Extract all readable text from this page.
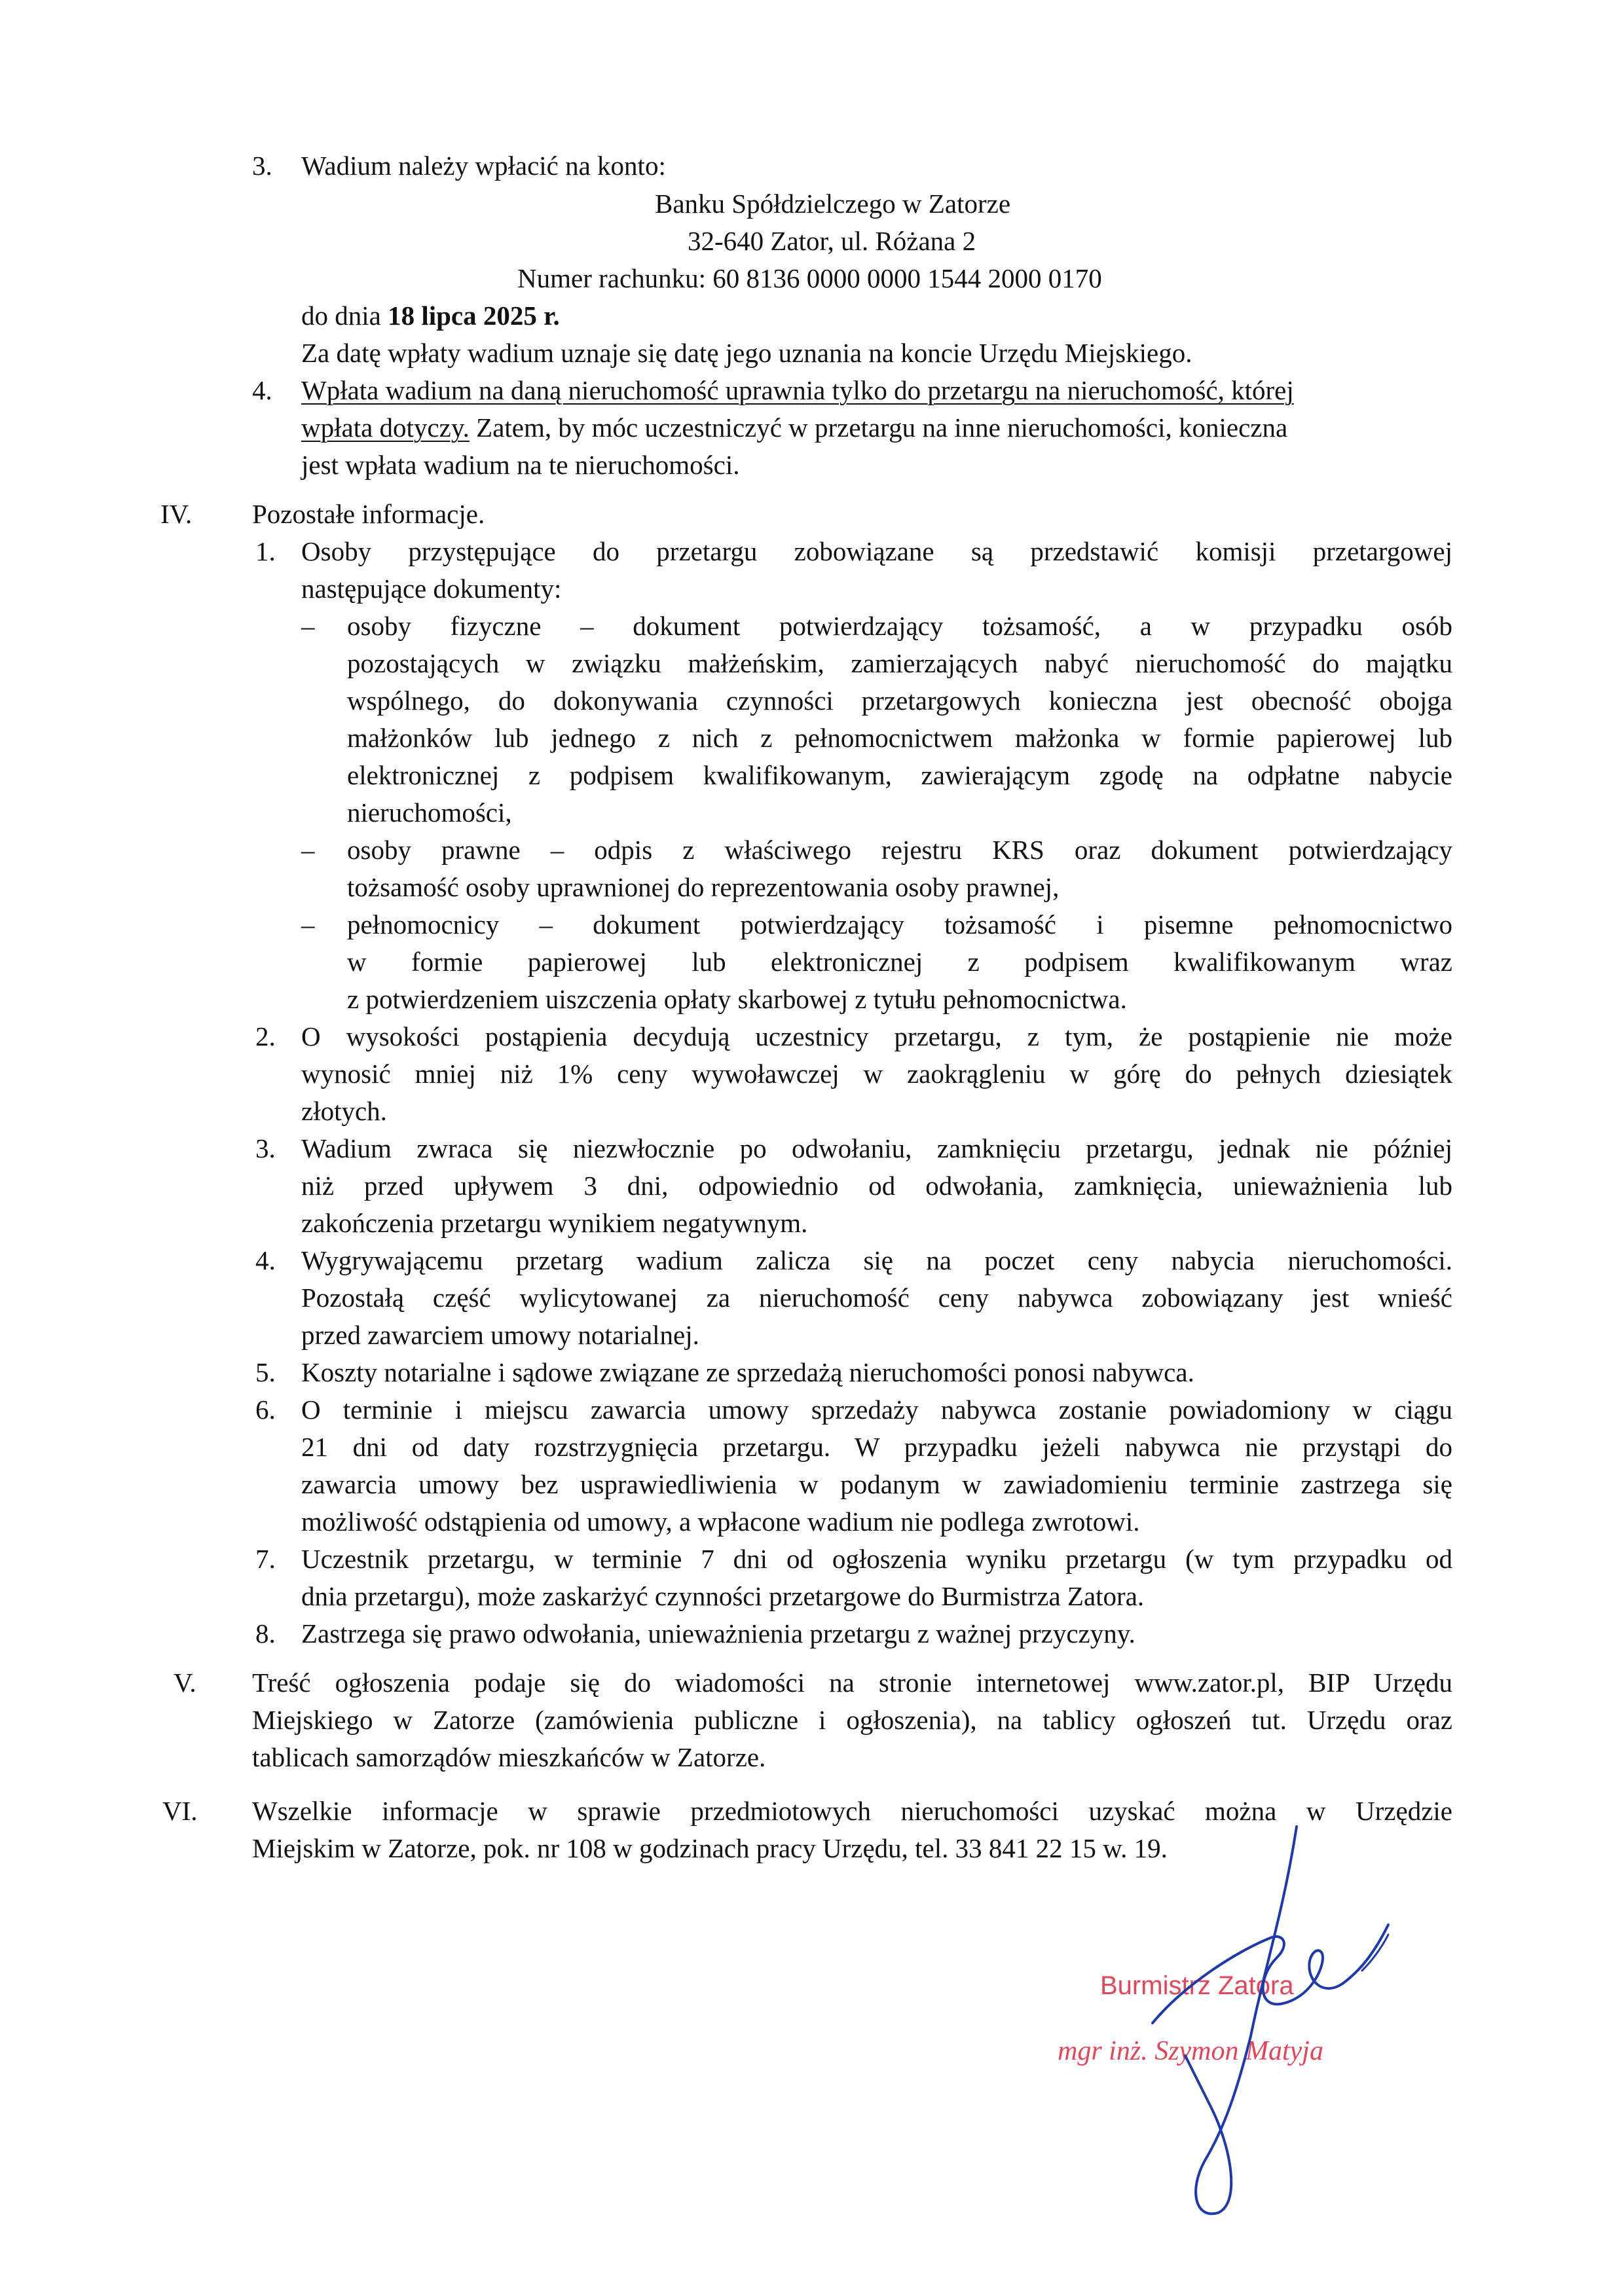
3. Wadium należy wpłacić na konto:
Banku Spółdzielczego w Zatorze
32-640 Zator, ul. Różana 2
Numer rachunku: 60 8136 0000 0000 1544 2000 0170
do dnia 18 lipca 2025 r.
Za datę wpłaty wadium uznaje się datę jego uznania na koncie Urzędu Miejskiego.
4. Wpłata wadium na daną nieruchomość uprawnia tylko do przetargu na nieruchomość, której
wpłata dotyczy. Zatem, by móc uczestniczyć w przetargu na inne nieruchomości, konieczna
jest wpłata wadium na te nieruchomości.
IV. Pozostałe informacje.
1. Osoby przystępujące do przetargu zobowiązane są przedstawić komisji przetargowej
następujące dokumenty:
– osoby fizyczne – dokument potwierdzający tożsamość, a w przypadku osób
pozostających w związku małżeńskim, zamierzających nabyć nieruchomość do majątku
wspólnego, do dokonywania czynności przetargowych konieczna jest obecność obojga
małżonków lub jednego z nich z pełnomocnictwem małżonka w formie papierowej lub
elektronicznej z podpisem kwalifikowanym, zawierającym zgodę na odpłatne nabycie
nieruchomości,
– osoby prawne – odpis z właściwego rejestru KRS oraz dokument potwierdzający
tożsamość osoby uprawnionej do reprezentowania osoby prawnej,
– pełnomocnicy – dokument potwierdzający tożsamość i pisemne pełnomocnictwo
w formie papierowej lub elektronicznej z podpisem kwalifikowanym wraz
z potwierdzeniem uiszczenia opłaty skarbowej z tytułu pełnomocnictwa.
2. O wysokości postąpienia decydują uczestnicy przetargu, z tym, że postąpienie nie może
wynosić mniej niż 1% ceny wywoławczej w zaokrągleniu w górę do pełnych dziesiątek
złotych.
3. Wadium zwraca się niezwłocznie po odwołaniu, zamknięciu przetargu, jednak nie później
niż przed upływem 3 dni, odpowiednio od odwołania, zamknięcia, unieważnienia lub
zakończenia przetargu wynikiem negatywnym.
4. Wygrywającemu przetarg wadium zalicza się na poczet ceny nabycia nieruchomości.
Pozostałą część wylicytowanej za nieruchomość ceny nabywca zobowiązany jest wnieść
przed zawarciem umowy notarialnej.
5. Koszty notarialne i sądowe związane ze sprzedażą nieruchomości ponosi nabywca.
6. O terminie i miejscu zawarcia umowy sprzedaży nabywca zostanie powiadomiony w ciągu
21 dni od daty rozstrzygnięcia przetargu. W przypadku jeżeli nabywca nie przystąpi do
zawarcia umowy bez usprawiedliwienia w podanym w zawiadomieniu terminie zastrzega się
możliwość odstąpienia od umowy, a wpłacone wadium nie podlega zwrotowi.
7. Uczestnik przetargu, w terminie 7 dni od ogłoszenia wyniku przetargu (w tym przypadku od
dnia przetargu), może zaskarżyć czynności przetargowe do Burmistrza Zatora.
8. Zastrzega się prawo odwołania, unieważnienia przetargu z ważnej przyczyny.
V. Treść ogłoszenia podaje się do wiadomości na stronie internetowej www.zator.pl, BIP Urzędu
Miejskiego w Zatorze (zamówienia publiczne i ogłoszenia), na tablicy ogłoszeń tut. Urzędu oraz
tablicach samorządów mieszkańców w Zatorze.
VI. Wszelkie informacje w sprawie przedmiotowych nieruchomości uzyskać można w Urzędzie
Miejskim w Zatorze, pok. nr 108 w godzinach pracy Urzędu, tel. 33 841 22 15 w. 19.
Burmistrz Zatora
mgr inż. Szymon Matyja
